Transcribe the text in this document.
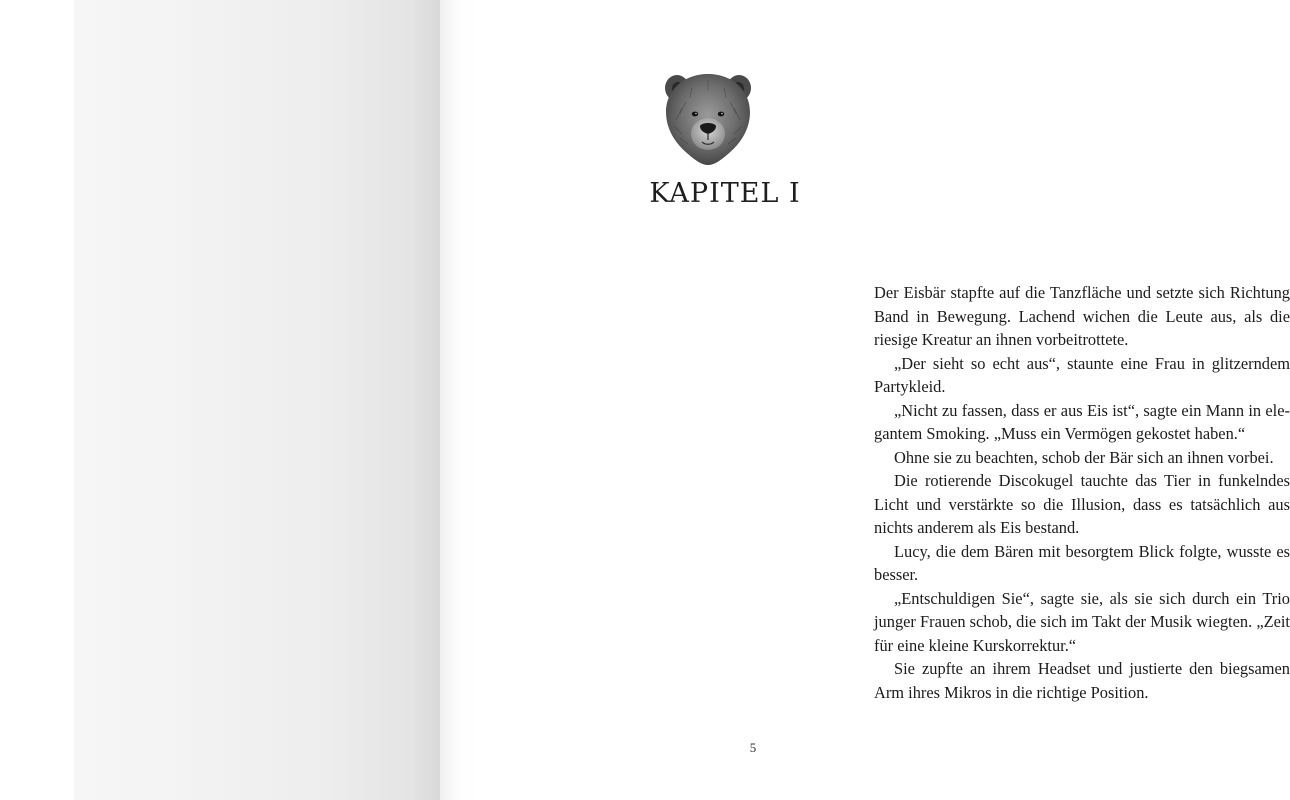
KAPITEL I

Der Eisbär stapfte auf die Tanzfläche und setzte sich Richtung Band in Bewegung. Lachend wichen die Leute aus, als die riesige Kreatur an ihnen vorbeitrottete.

„Der sieht so echt aus“, staunte eine Frau in glitzerndem Partykleid.

„Nicht zu fassen, dass er aus Eis ist“, sagte ein Mann in elegantem Smoking. „Muss ein Vermögen gekostet haben.“

Ohne sie zu beachten, schob der Bär sich an ihnen vorbei.

Die rotierende Discokugel tauchte das Tier in funkelndes Licht und verstärkte so die Illusion, dass es tatsächlich aus nichts anderem als Eis bestand.

Lucy, die dem Bären mit besorgtem Blick folgte, wusste es besser.

„Entschuldigen Sie“, sagte sie, als sie sich durch ein Trio junger Frauen schob, die sich im Takt der Musik wiegten. „Zeit für eine kleine Kurskorrektur.“

Sie zupfte an ihrem Headset und justierte den biegsamen Arm ihres Mikros in die richtige Position.

5
